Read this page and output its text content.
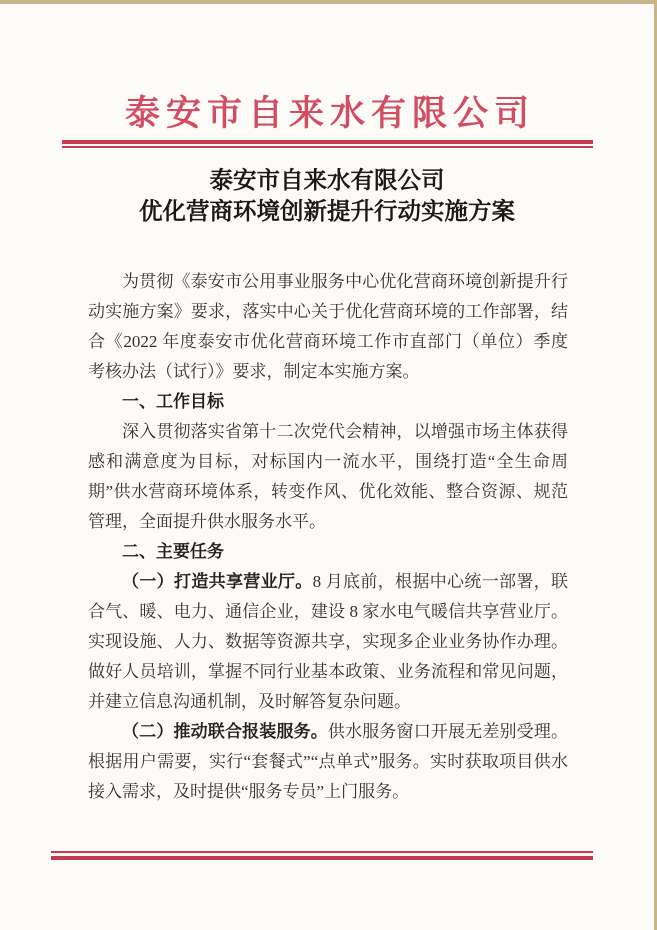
泰安市自来水有限公司
泰安市自来水有限公司
优化营商环境创新提升行动实施方案
为贯彻《泰安市公用事业服务中心优化营商环境创新提升行动实施方案》要求，落实中心关于优化营商环境的工作部署，结合《2022 年度泰安市优化营商环境工作市直部门（单位）季度考核办法（试行）》要求，制定本实施方案。
一、工作目标
深入贯彻落实省第十二次党代会精神，以增强市场主体获得感和满意度为目标，对标国内一流水平，围绕打造“全生命周期”供水营商环境体系，转变作风、优化效能、整合资源、规范管理，全面提升供水服务水平。
二、主要任务
（一）打造共享营业厅。8 月底前，根据中心统一部署，联合气、暖、电力、通信企业，建设 8 家水电气暖信共享营业厅。实现设施、人力、数据等资源共享，实现多企业业务协作办理。做好人员培训，掌握不同行业基本政策、业务流程和常见问题，并建立信息沟通机制，及时解答复杂问题。
（二）推动联合报装服务。供水服务窗口开展无差别受理。根据用户需要，实行“套餐式”“点单式”服务。实时获取项目供水接入需求，及时提供“服务专员”上门服务。
